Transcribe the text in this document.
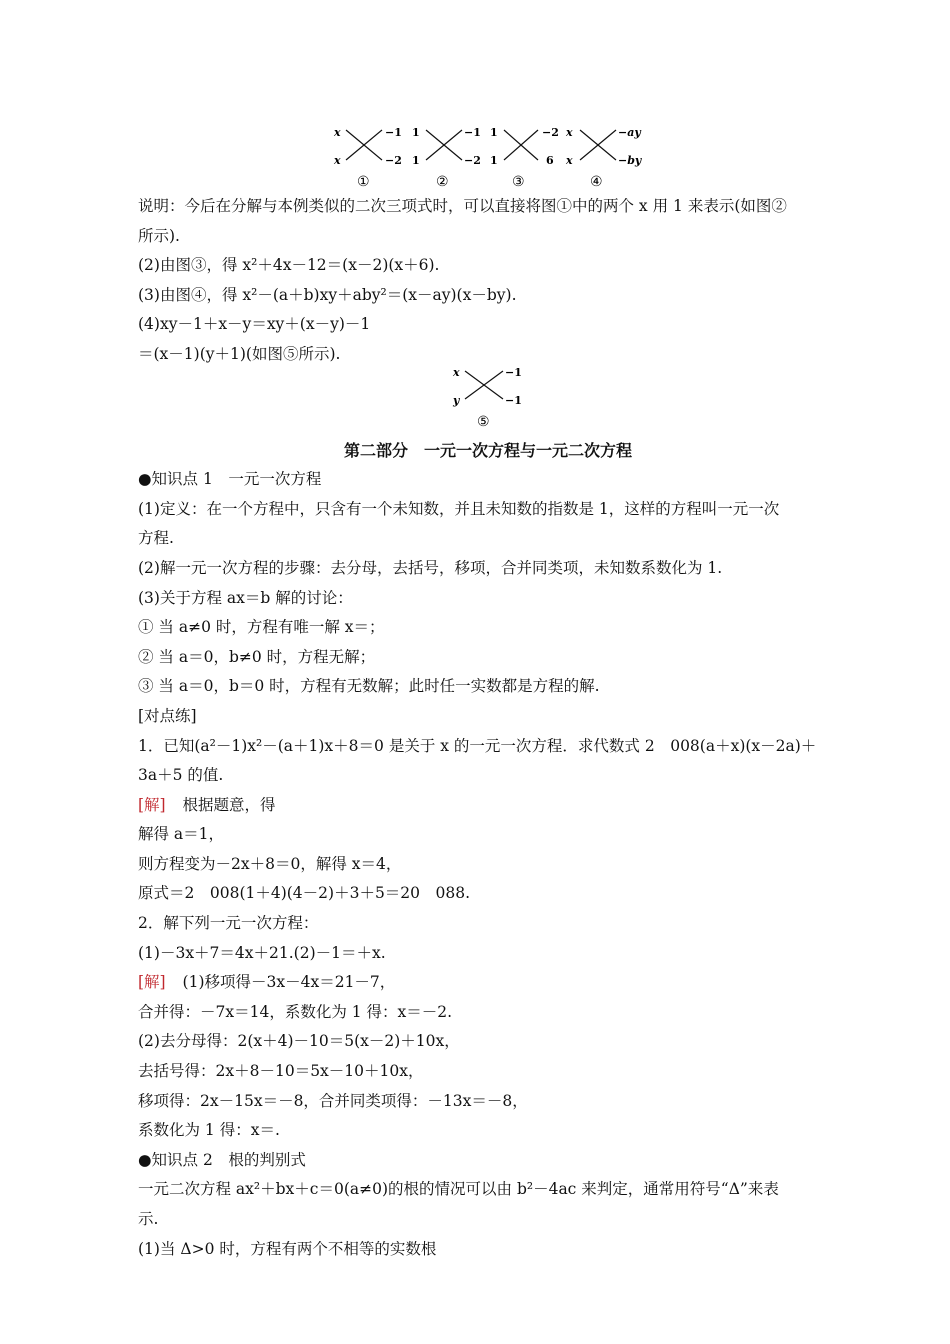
x
x
−1
−2
①
1
1
−1
−2
②
1
1
−2
6
③
x
x
−ay
−by
④
x
y
−1
−1
⑤
说明：今后在分解与本例类似的二次三项式时，可以直接将图①中的两个 x 用 1 来表示(如图②
所示).
(2)由图③，得 x²＋4x－12＝(x－2)(x＋6).
(3)由图④，得 x²－(a＋b)xy＋aby²＝(x－ay)(x－by).
(4)xy－1＋x－y＝xy＋(x－y)－1
＝(x－1)(y＋1)(如图⑤所示).
第二部分　一元一次方程与一元二次方程
●知识点 1　一元一次方程
(1)定义：在一个方程中，只含有一个未知数，并且未知数的指数是 1，这样的方程叫一元一次
方程.
(2)解一元一次方程的步骤：去分母，去括号，移项，合并同类项，未知数系数化为 1.
(3)关于方程 ax＝b 解的讨论：
① 当 a≠0 时，方程有唯一解 x＝；
② 当 a＝0，b≠0 时，方程无解；
③ 当 a＝0，b＝0 时，方程有无数解；此时任一实数都是方程的解.
[对点练]
1．已知(a²－1)x²－(a＋1)x＋8＝0 是关于 x 的一元一次方程．求代数式 2　008(a＋x)(x－2a)＋
3a＋5 的值.
[解] 根据题意，得
解得 a＝1，
则方程变为－2x＋8＝0，解得 x＝4，
原式＝2　008(1＋4)(4－2)＋3＋5＝20　088.
2．解下列一元一次方程：
(1)－3x＋7＝4x＋21.(2)－1＝＋x.
[解] (1)移项得－3x－4x＝21－7，
合并得：－7x＝14，系数化为 1 得：x＝－2.
(2)去分母得：2(x＋4)－10＝5(x－2)＋10x，
去括号得：2x＋8－10＝5x－10＋10x，
移项得：2x－15x＝－8，合并同类项得：－13x＝－8，
系数化为 1 得：x＝.
●知识点 2　根的判别式
一元二次方程 ax²＋bx＋c＝0(a≠0)的根的情况可以由 b²－4ac 来判定，通常用符号“Δ”来表
示.
(1)当 Δ>0 时，方程有两个不相等的实数根
